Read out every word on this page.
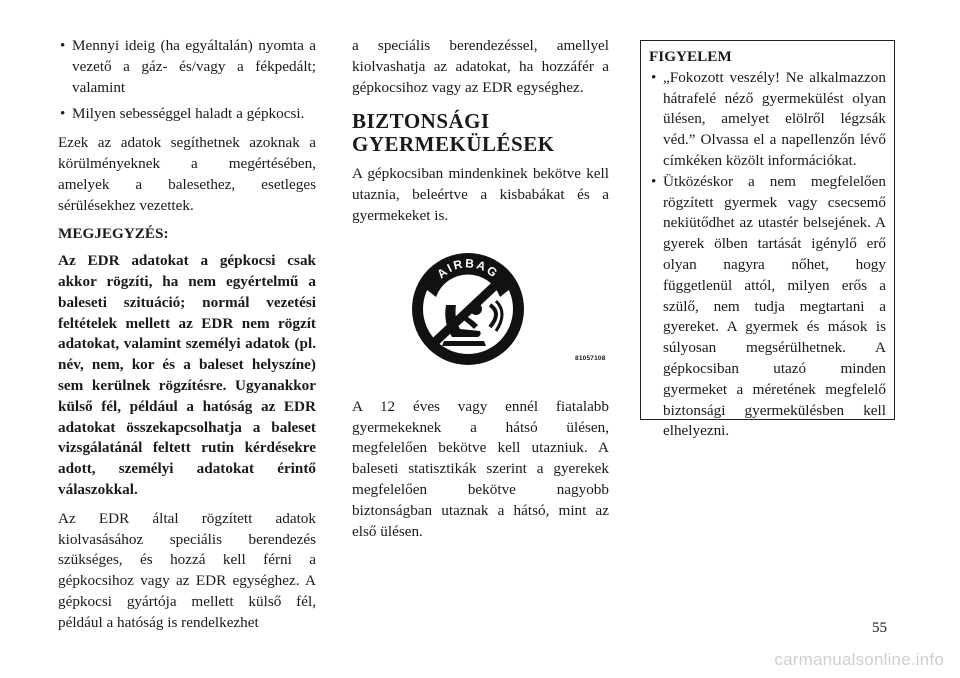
• Mennyi ideig (ha egyáltalán) nyomta a vezető a gáz- és/vagy a fékpedált; valamint
• Milyen sebességgel haladt a gépkocsi.

Ezek az adatok segíthetnek azoknak a körülményeknek a megértésében, amelyek a balesethez, esetleges sérülésekhez vezettek.

MEGJEGYZÉS:

Az EDR adatokat a gépkocsi csak akkor rögzíti, ha nem egyértelmű a baleseti szituáció; normál vezetési feltételek mellett az EDR nem rögzít adatokat, valamint személyi adatok (pl. név, nem, kor és a baleset helyszíne) sem kerülnek rögzítésre. Ugyanakkor külső fél, például a hatóság az EDR adatokat összekapcsolhatja a baleset vizsgálatánál feltett rutin kérdésekre adott, személyi adatokat érintő válaszokkal.

Az EDR által rögzített adatok kiolvasásához speciális berendezés szükséges, és hozzá kell férni a gépkocsihoz vagy az EDR egységhez. A gépkocsi gyártója mellett külső fél, például a hatóság is rendelkezhet

a speciális berendezéssel, amellyel kiolvashatja az adatokat, ha hozzáfér a gépkocsihoz vagy az EDR egységhez.

BIZTONSÁGI
GYERMEKÜLÉSEK

A gépkocsiban mindenkinek bekötve kell utaznia, beleértve a kisbabákat és a gyermekeket is.

AIRBAG
81057108

A 12 éves vagy ennél fiatalabb gyermekeknek a hátsó ülésen, megfelelően bekötve kell utazniuk. A baleseti statisztikák szerint a gyerekek megfelelően bekötve nagyobb biztonságban utaznak a hátsó, mint az első ülésen.

FIGYELEM
• „Fokozott veszély! Ne alkalmazzon hátrafelé néző gyermekülést olyan ülésen, amelyet elölről légzsák véd.” Olvassa el a napellenzőn lévő címkéken közölt információkat.
• Ütközéskor a nem megfelelően rögzített gyermek vagy csecsemő nekiütődhet az utastér belsejének. A gyerek ölben tartását igénylő erő olyan nagyra nőhet, hogy függetlenül attól, milyen erős a szülő, nem tudja megtartani a gyereket. A gyermek és mások is súlyosan megsérülhetnek. A gépkocsiban utazó minden gyermeket a méretének megfelelő biztonsági gyermekülésben kell elhelyezni.
55
carmanualsonline.info
